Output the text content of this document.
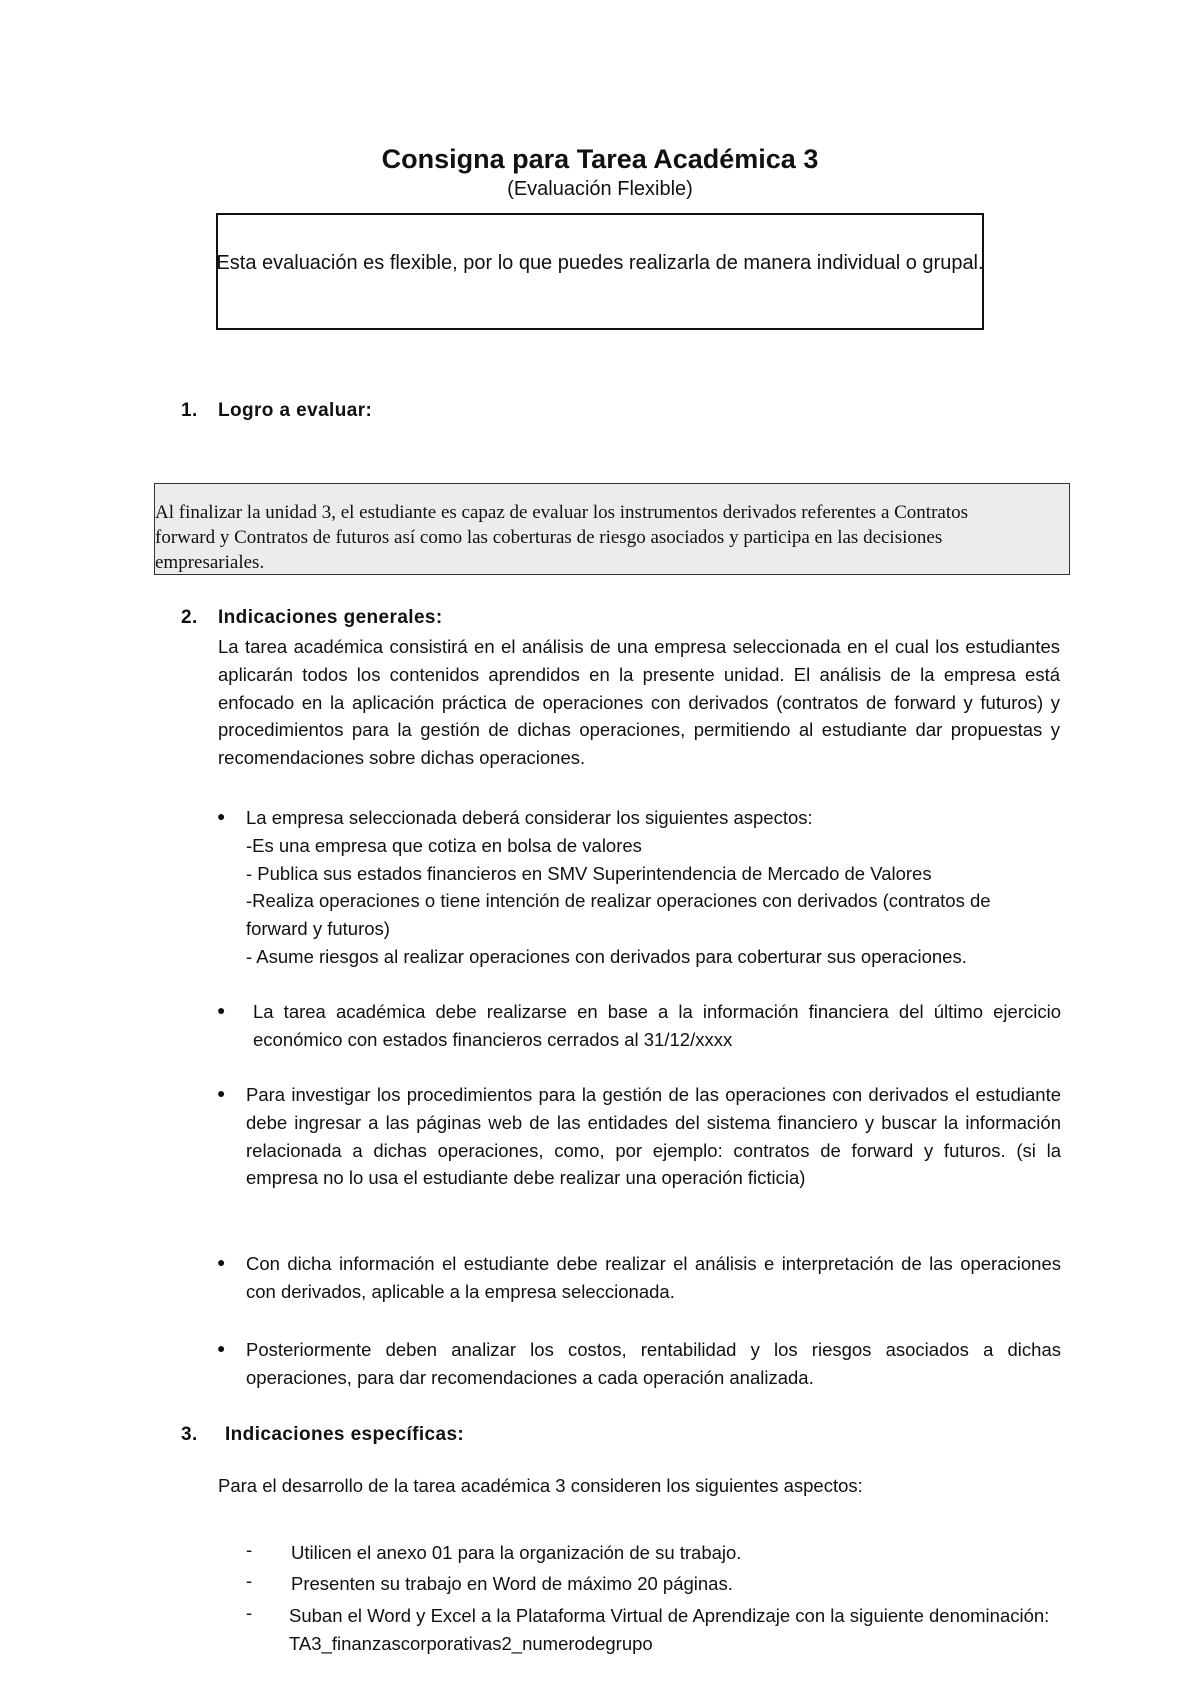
Consigna para Tarea Académica 3
(Evaluación Flexible)
Esta evaluación es flexible, por lo que puedes realizarla de manera individual o grupal.
1. Logro a evaluar:

Al finalizar la unidad 3, el estudiante es capaz de evaluar los instrumentos derivados referentes a Contratos

forward y Contratos de futuros así como las coberturas de riesgo asociados y participa en las decisiones

empresariales.

2. Indicaciones generales:
La tarea académica consistirá en el análisis de una empresa seleccionada en el cual los estudiantes aplicarán todos los contenidos aprendidos en la presente unidad. El análisis de la empresa está enfocado en la aplicación práctica de operaciones con derivados (contratos de forward y futuros) y procedimientos para la gestión de dichas operaciones, permitiendo al estudiante dar propuestas y recomendaciones sobre dichas operaciones.
● La empresa seleccionada deberá considerar los siguientes aspectos:
-Es una empresa que cotiza en bolsa de valores
- Publica sus estados financieros en SMV Superintendencia de Mercado de Valores
-Realiza operaciones o tiene intención de realizar operaciones con derivados (contratos de
forward y futuros)
- Asume riesgos al realizar operaciones con derivados para coberturar sus operaciones.
● La tarea académica debe realizarse en base a la información financiera del último ejercicio económico con estados financieros cerrados al 31/12/xxxx
● Para investigar los procedimientos para la gestión de las operaciones con derivados el estudiante debe ingresar a las páginas web de las entidades del sistema financiero y buscar la información relacionada a dichas operaciones, como, por ejemplo: contratos de forward y futuros. (si la empresa no lo usa el estudiante debe realizar una operación ficticia)
● Con dicha información el estudiante debe realizar el análisis e interpretación de las operaciones con derivados, aplicable a la empresa seleccionada.
● Posteriormente deben analizar los costos, rentabilidad y los riesgos asociados a dichas operaciones, para dar recomendaciones a cada operación analizada.
3. Indicaciones específicas:
Para el desarrollo de la tarea académica 3 consideren los siguientes aspectos:
- Utilicen el anexo 01 para la organización de su trabajo.
- Presenten su trabajo en Word de máximo 20 páginas.
- Suban el Word y Excel a la Plataforma Virtual de Aprendizaje con la siguiente denominación: TA3_finanzascorporativas2_numerodegrupo
